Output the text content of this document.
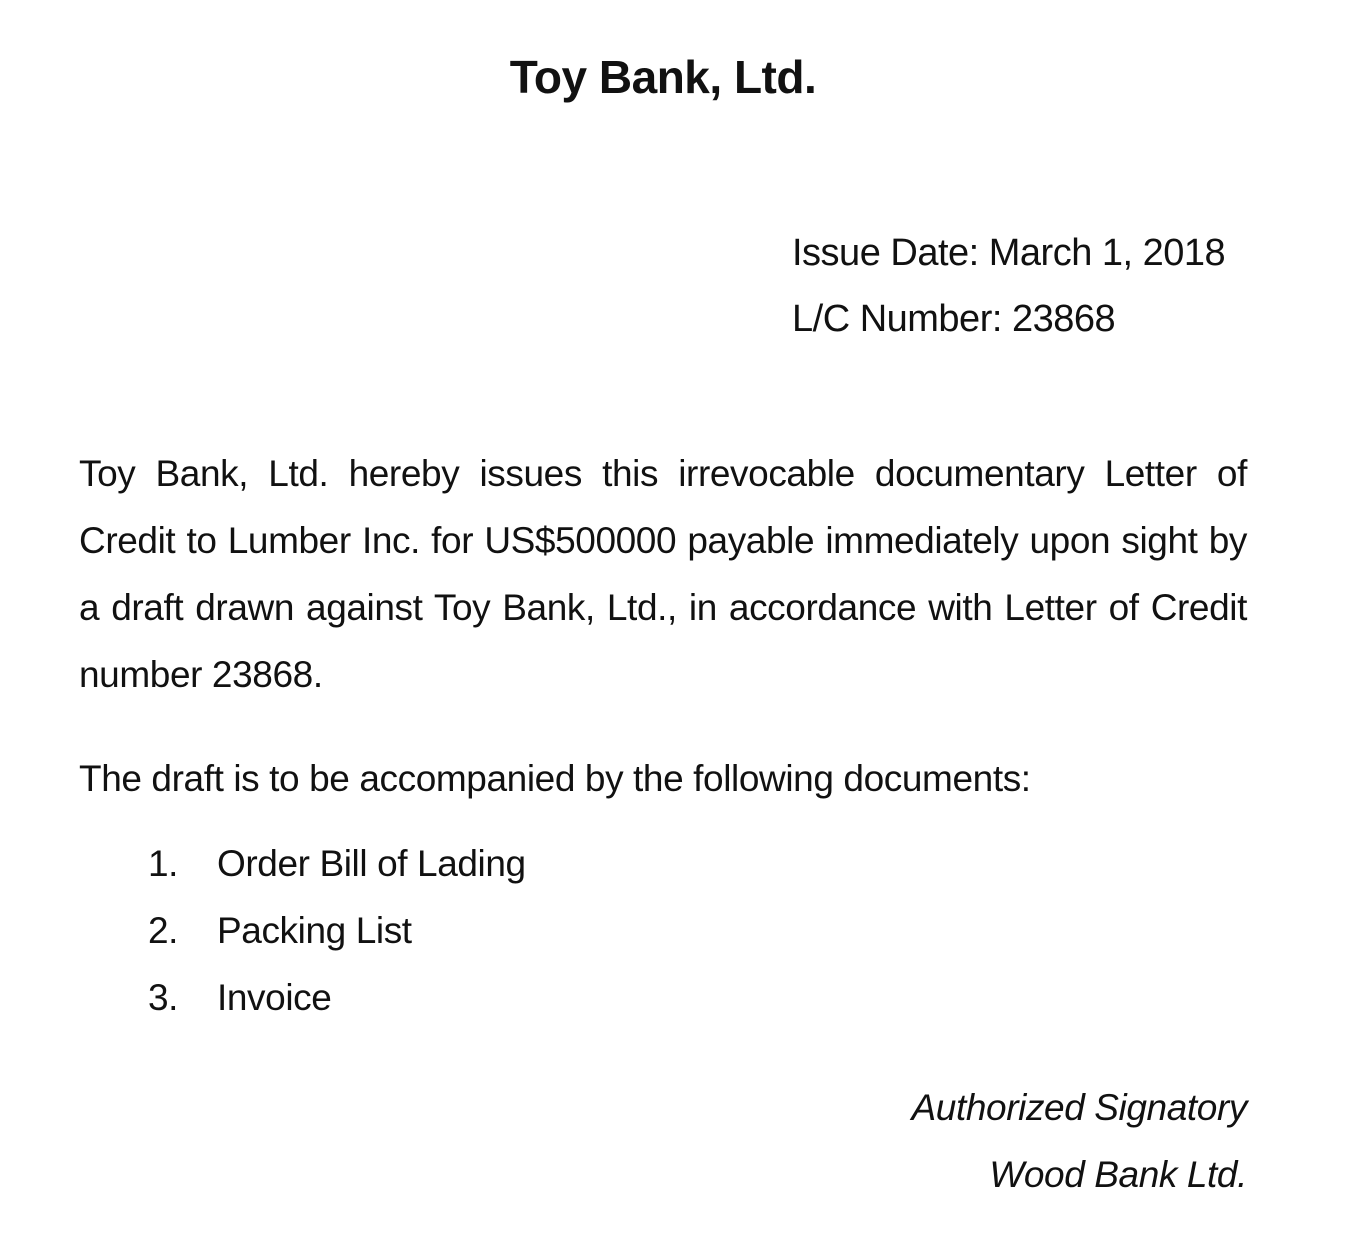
Toy Bank, Ltd.
Issue Date: March 1, 2018
L/C Number: 23868
Toy Bank, Ltd. hereby issues this irrevocable documentary Letter of Credit to Lumber Inc. for US$500000 payable immediately upon sight by a draft drawn against Toy Bank, Ltd., in accordance with Letter of Credit number 23868.
The draft is to be accompanied by the following documents:
1.	Order Bill of Lading
2.	Packing List
3.	Invoice
Authorized Signatory
Wood Bank Ltd.
